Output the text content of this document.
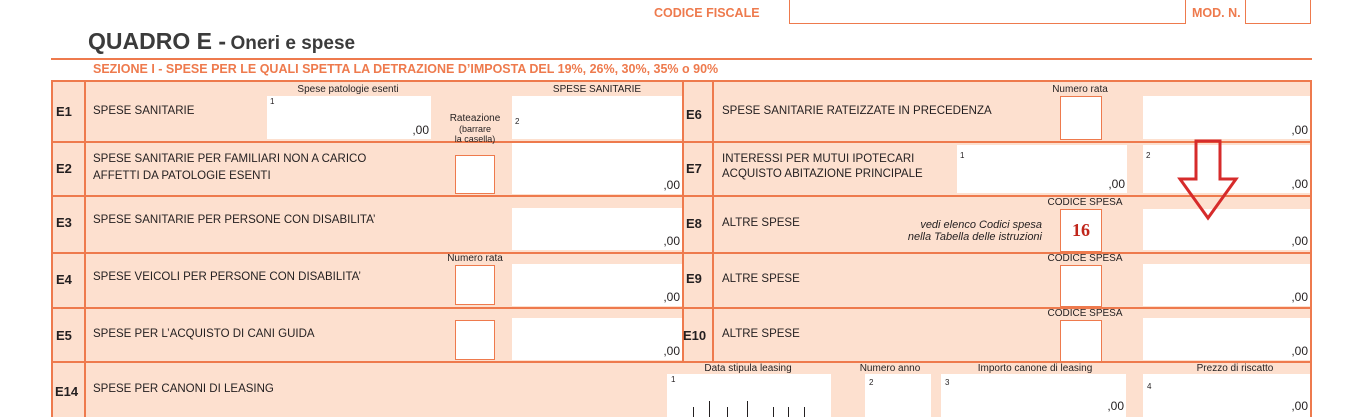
CODICE FISCALE	MOD. N.
QUADRO E - Oneri e spese
SEZIONE I - SPESE PER LE QUALI SPETTA LA DETRAZIONE D’IMPOSTA DEL 19%, 26%, 30%, 35% o 90%
E1 SPESE SANITARIE
E2
SPESE SANITARIE PER FAMILIARI NON A CARICO
AFFETTI DA PATOLOGIE ESENTI
E3 SPESE SANITARIE PER PERSONE CON DISABILITA’
E4 SPESE VEICOLI PER PERSONE CON DISABILITA’
E5 SPESE PER L’ACQUISTO DI CANI GUIDA
Spese patologie esenti
1
,00
SPESE SANITARIE
2
Rateazione
(barrare
la casella)
,00
,00
Numero rata
,00
,00
E6 SPESE SANITARIE RATEIZZATE IN PRECEDENZA
E7
INTERESSI PER MUTUI IPOTECARI
ACQUISTO ABITAZIONE PRINCIPALE
E8 ALTRE SPESE
E9 ALTRE SPESE
E10 ALTRE SPESE
Numero rata
,00
1
,00
2
,00
vedi elenco Codici spesa
nella Tabella delle istruzioni
CODICE SPESA
16
,00
CODICE SPESA
,00
CODICE SPESA
,00
E14 SPESE PER CANONI DI LEASING
Data stipula leasing
1
Numero anno
2
Importo canone di leasing
3
,00
Prezzo di riscatto
4
,00
